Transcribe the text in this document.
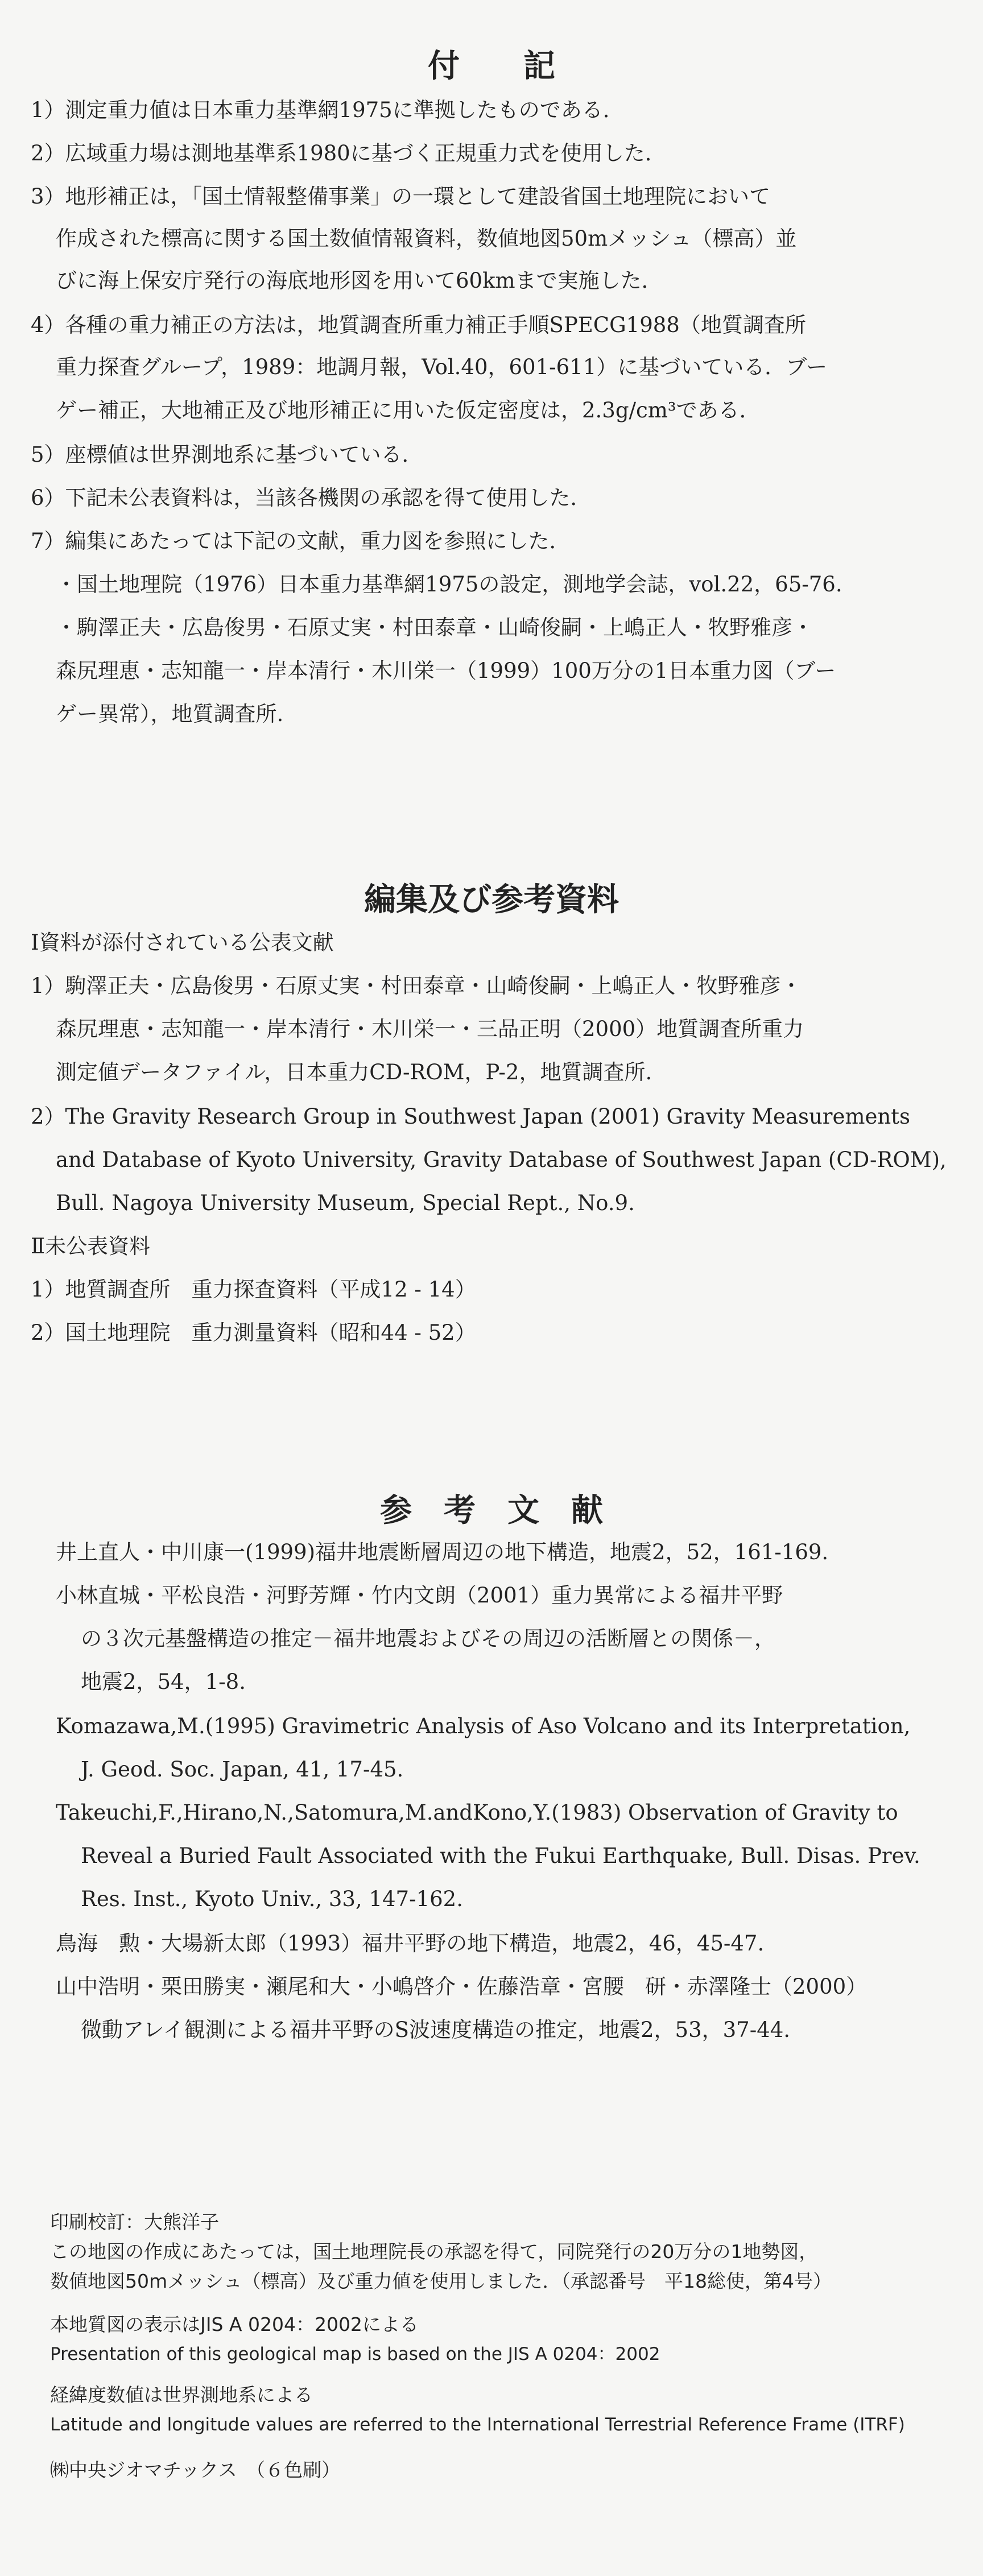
付　　記
1）測定重力値は日本重力基準網1975に準拠したものである．
2）広域重力場は測地基準系1980に基づく正規重力式を使用した．
3）地形補正は，「国土情報整備事業」の一環として建設省国土地理院において
作成された標高に関する国土数値情報資料，数値地図50mメッシュ（標高）並
びに海上保安庁発行の海底地形図を用いて60kmまで実施した．
4）各種の重力補正の方法は，地質調査所重力補正手順SPECG1988（地質調査所
重力探査グループ，1989：地調月報，Vol.40，601-611）に基づいている．ブー
ゲー補正，大地補正及び地形補正に用いた仮定密度は，2.3g/cm³である．
5）座標値は世界測地系に基づいている．
6）下記未公表資料は，当該各機関の承認を得て使用した．
7）編集にあたっては下記の文献，重力図を参照にした．
・国土地理院（1976）日本重力基準網1975の設定，測地学会誌，vol.22，65-76.
・駒澤正夫・広島俊男・石原丈実・村田泰章・山崎俊嗣・上嶋正人・牧野雅彦・
森尻理恵・志知龍一・岸本清行・木川栄一（1999）100万分の1日本重力図（ブー
ゲー異常），地質調査所.
編集及び参考資料
Ⅰ資料が添付されている公表文献
1）駒澤正夫・広島俊男・石原丈実・村田泰章・山崎俊嗣・上嶋正人・牧野雅彦・
森尻理恵・志知龍一・岸本清行・木川栄一・三品正明（2000）地質調査所重力
測定値データファイル，日本重力CD-ROM，P-2，地質調査所.
2）The Gravity Research Group in Southwest Japan (2001) Gravity Measurements
and Database of Kyoto University, Gravity Database of Southwest Japan (CD-ROM),
Bull. Nagoya University Museum, Special Rept., No.9.
Ⅱ未公表資料
1）地質調査所　重力探査資料（平成12 - 14）
2）国土地理院　重力測量資料（昭和44 - 52）
参　考　文　献
井上直人・中川康一(1999)福井地震断層周辺の地下構造，地震2，52，161-169.
小林直城・平松良浩・河野芳輝・竹内文朗（2001）重力異常による福井平野
の３次元基盤構造の推定－福井地震およびその周辺の活断層との関係－，
地震2，54，1-8.
Komazawa,M.(1995) Gravimetric Analysis of Aso Volcano and its Interpretation,
J. Geod. Soc. Japan, 41, 17-45.
Takeuchi,F.,Hirano,N.,Satomura,M.andKono,Y.(1983) Observation of Gravity to
Reveal a Buried Fault Associated with the Fukui Earthquake, Bull. Disas. Prev.
Res. Inst., Kyoto Univ., 33, 147-162.
鳥海　勲・大場新太郎（1993）福井平野の地下構造，地震2，46，45-47.
山中浩明・栗田勝実・瀬尾和大・小嶋啓介・佐藤浩章・宮腰　研・赤澤隆士（2000）
微動アレイ観測による福井平野のS波速度構造の推定，地震2，53，37-44.
印刷校訂：大熊洋子
この地図の作成にあたっては，国土地理院長の承認を得て，同院発行の20万分の1地勢図，
数値地図50mメッシュ（標高）及び重力値を使用しました．（承認番号　平18総使，第4号）
本地質図の表示はJIS A 0204：2002による
Presentation of this geological map is based on the JIS A 0204：2002
経緯度数値は世界測地系による
Latitude and longitude values are referred to the International Terrestrial Reference Frame (ITRF)
㈱中央ジオマチックス　（６色刷）
